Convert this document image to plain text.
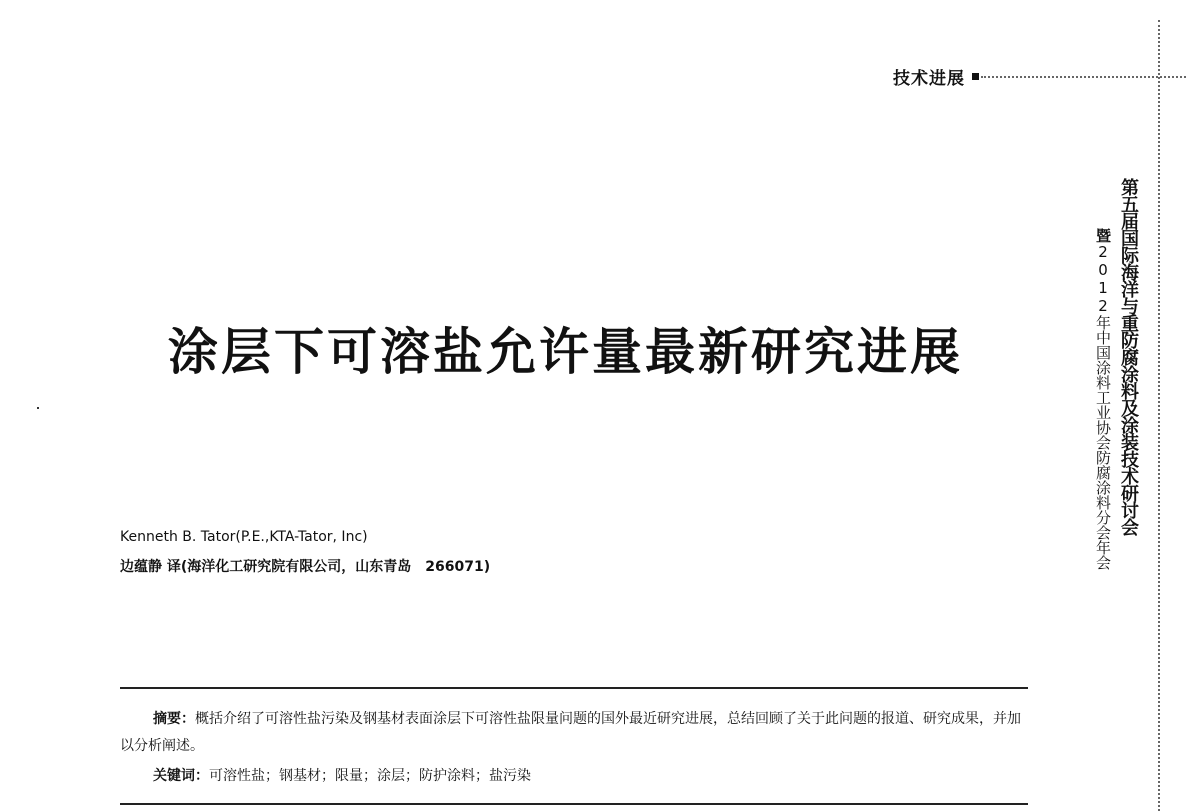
技术进展
第五届国际海洋与重防腐涂料及涂装技术研讨会
暨2012年中国涂料工业协会防腐涂料分会年会
涂层下可溶盐允许量最新研究进展
Kenneth B. Tator(P.E.,KTA-Tator, Inc)
边蕴静 译(海洋化工研究院有限公司，山东青岛　266071)

摘要：概括介绍了可溶性盐污染及钢基材表面涂层下可溶性盐限量问题的国外最近研究进展，总结回顾了关于此问题的报道、研究成果，并加以分析阐述。

关键词：可溶性盐；钢基材；限量；涂层；防护涂料；盐污染
